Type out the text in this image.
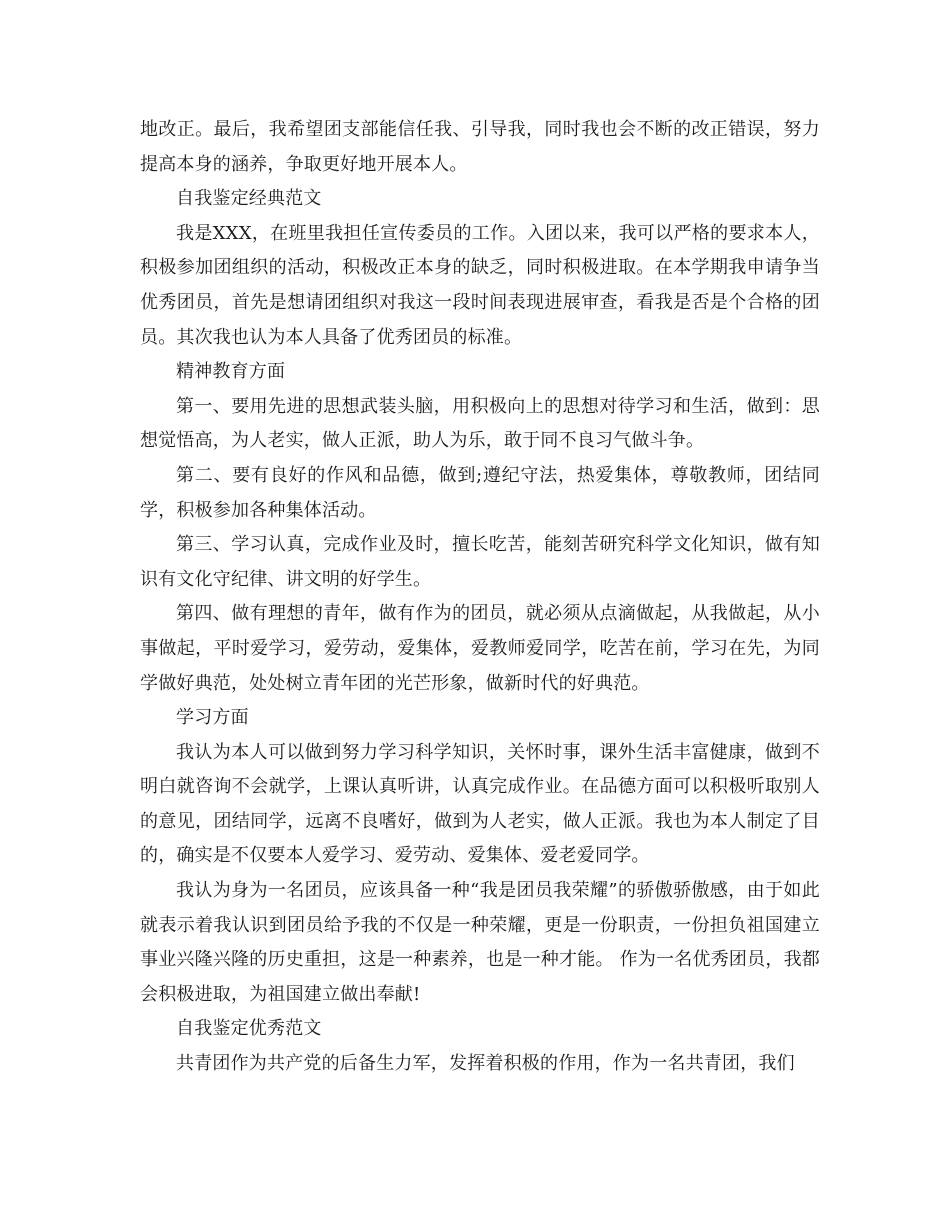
地改正。最后，我希望团支部能信任我、引导我，同时我也会不断的改正错误，努力提高本身的涵养，争取更好地开展本人。

自我鉴定经典范文

我是XXX，在班里我担任宣传委员的工作。入团以来，我可以严格的要求本人，积极参加团组织的活动，积极改正本身的缺乏，同时积极进取。在本学期我申请争当优秀团员，首先是想请团组织对我这一段时间表现进展审查，看我是否是个合格的团员。其次我也认为本人具备了优秀团员的标准。

精神教育方面

第一、要用先进的思想武装头脑，用积极向上的思想对待学习和生活，做到：思想觉悟高，为人老实，做人正派，助人为乐，敢于同不良习气做斗争。

第二、要有良好的作风和品德，做到;遵纪守法，热爱集体，尊敬教师，团结同学，积极参加各种集体活动。

第三、学习认真，完成作业及时，擅长吃苦，能刻苦研究科学文化知识，做有知识有文化守纪律、讲文明的好学生。

第四、做有理想的青年，做有作为的团员，就必须从点滴做起，从我做起，从小事做起，平时爱学习，爱劳动，爱集体，爱教师爱同学，吃苦在前，学习在先，为同学做好典范，处处树立青年团的光芒形象，做新时代的好典范。

学习方面

我认为本人可以做到努力学习科学知识，关怀时事，课外生活丰富健康，做到不明白就咨询不会就学，上课认真听讲，认真完成作业。在品德方面可以积极听取别人的意见，团结同学，远离不良嗜好，做到为人老实，做人正派。我也为本人制定了目的，确实是不仅要本人爱学习、爱劳动、爱集体、爱老爱同学。

我认为身为一名团员，应该具备一种“我是团员我荣耀”的骄傲骄傲感，由于如此就表示着我认识到团员给予我的不仅是一种荣耀，更是一份职责，一份担负祖国建立事业兴隆兴隆的历史重担，这是一种素养，也是一种才能。 作为一名优秀团员，我都会积极进取，为祖国建立做出奉献!

自我鉴定优秀范文

共青团作为共产党的后备生力军，发挥着积极的作用，作为一名共青团，我们
